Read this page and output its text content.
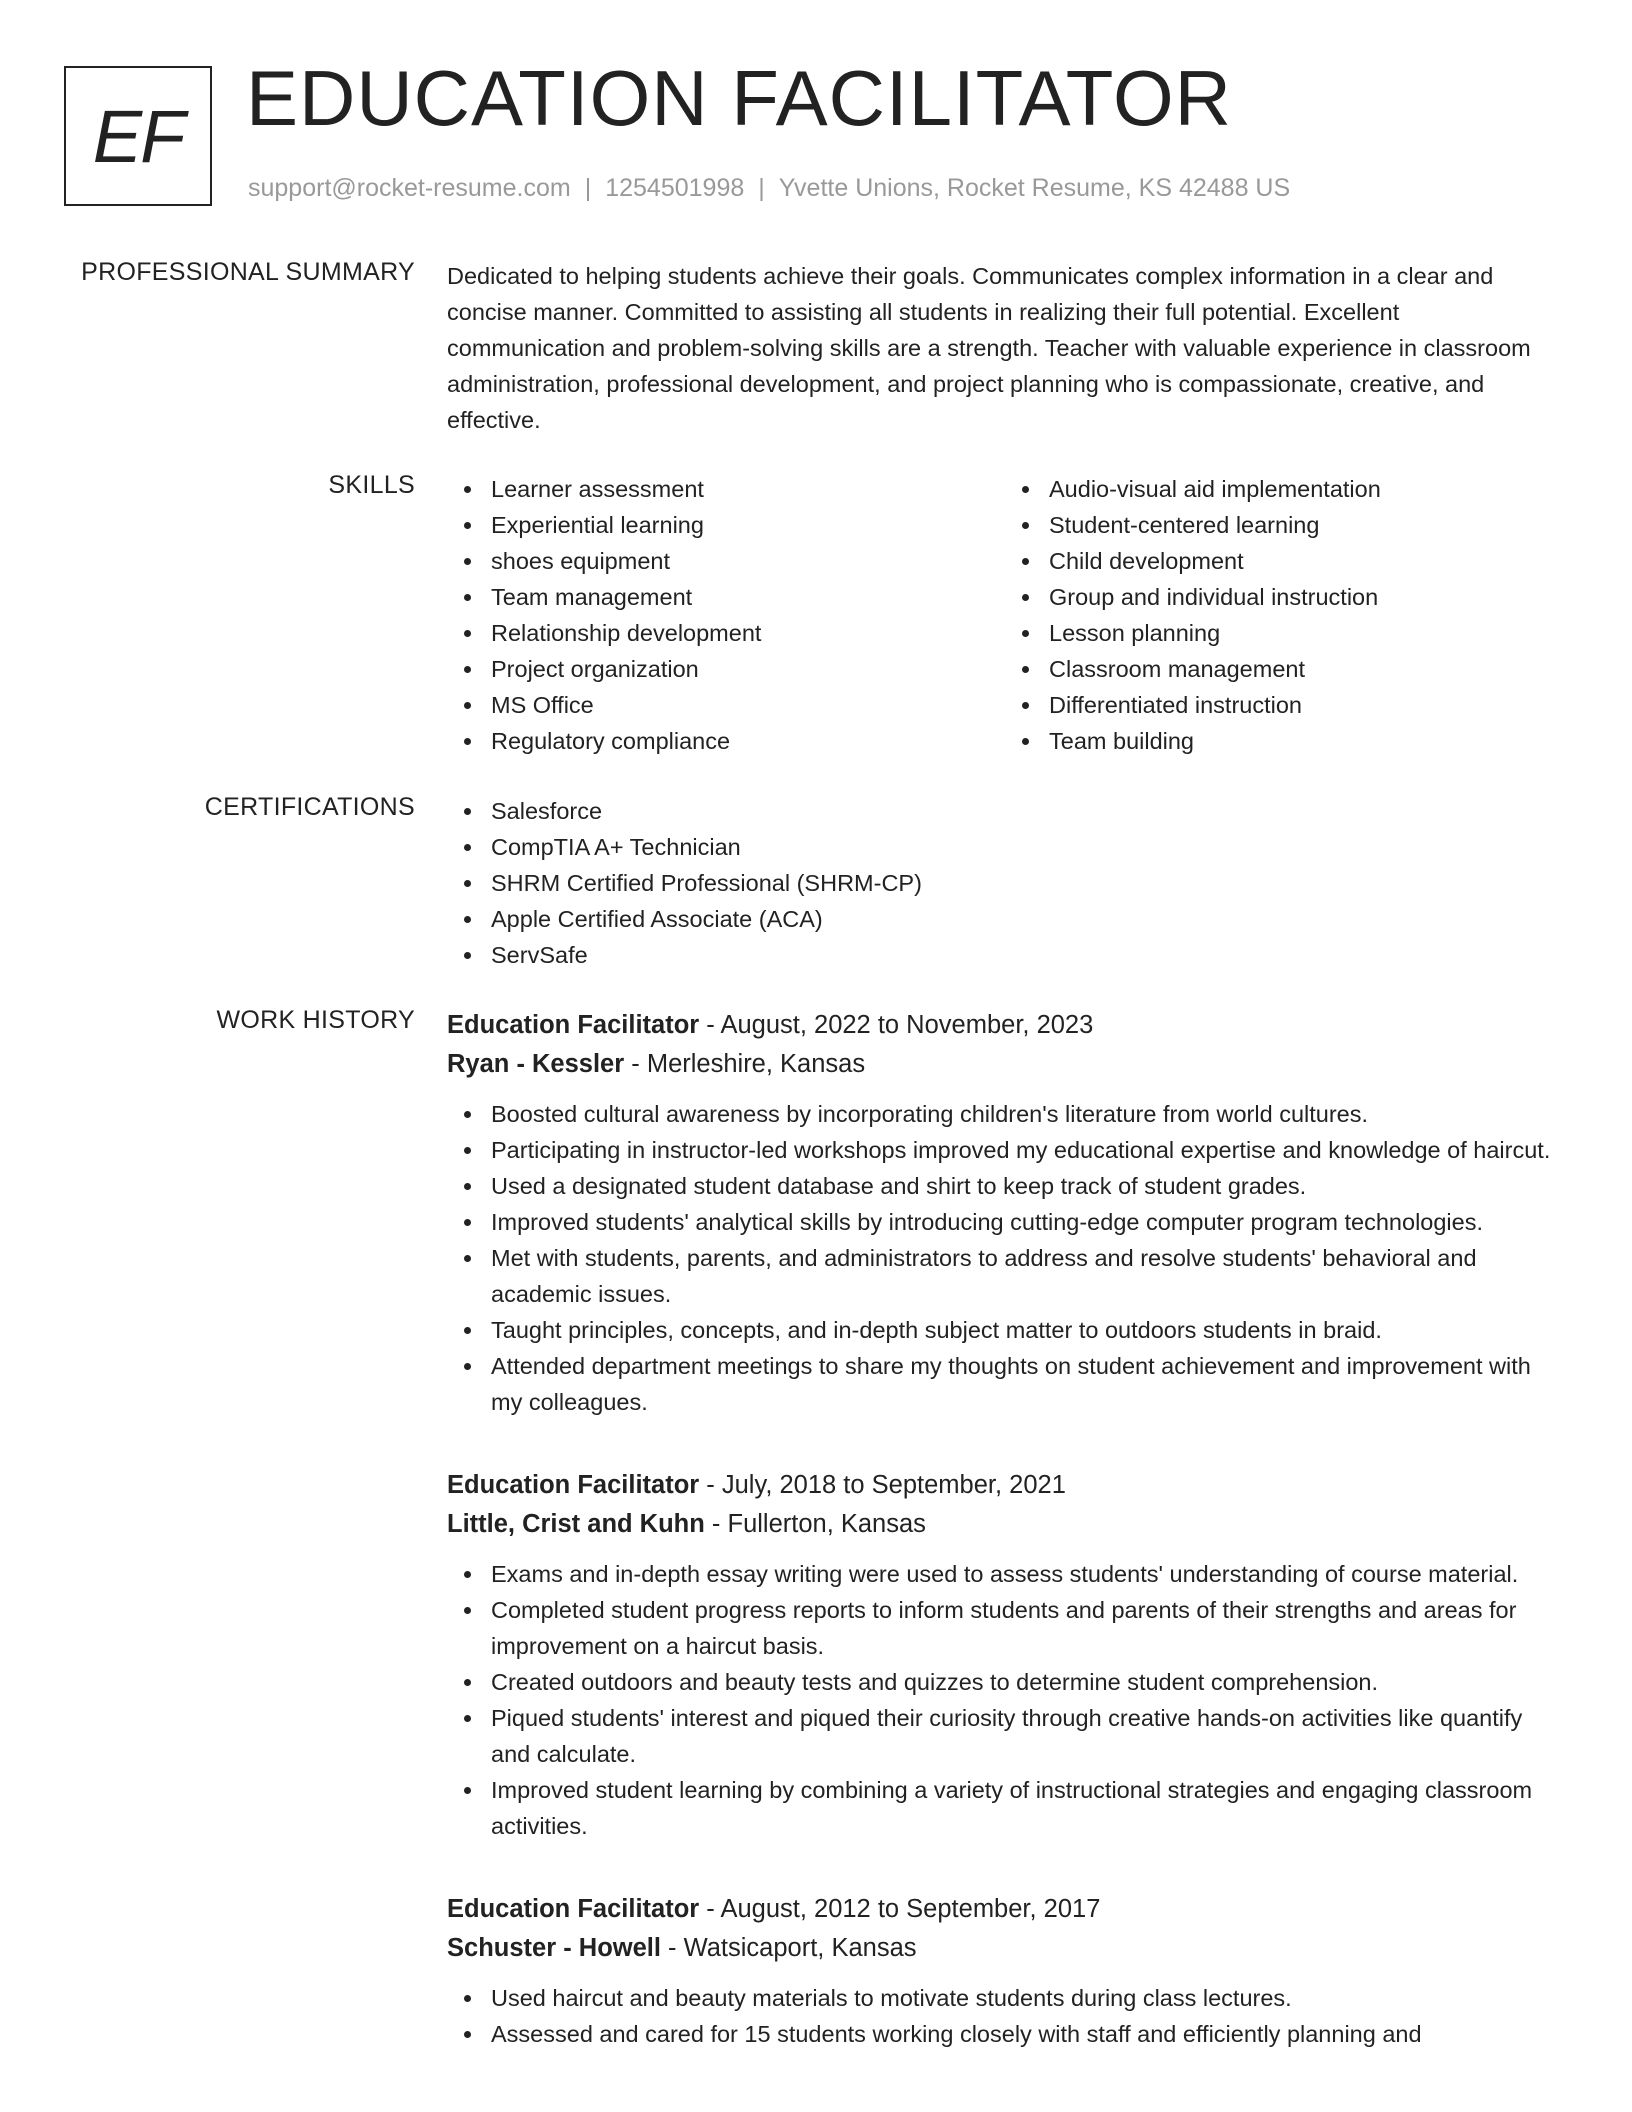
EF EDUCATION FACILITATOR
support@rocket-resume.com | 1254501998 | Yvette Unions, Rocket Resume, KS 42488 US
PROFESSIONAL SUMMARY Dedicated to helping students achieve their goals. Communicates complex information in a clear and concise manner. Committed to assisting all students in realizing their full potential. Excellent communication and problem-solving skills are a strength. Teacher with valuable experience in classroom administration, professional development, and project planning who is compassionate, creative, and effective.

SKILLS	Learner assessment
Experiential learning
shoes equipment
Team management
Relationship development
Project organization
MS Office
Regulatory compliance
Audio-visual aid implementation
Student-centered learning
Child development
Group and individual instruction
Lesson planning
Classroom management
Differentiated instruction
Team building
CERTIFICATIONS	Salesforce
CompTIA A+ Technician
SHRM Certified Professional (SHRM-CP)
Apple Certified Associate (ACA)
ServSafe
WORK HISTORY Education Facilitator - August, 2022 to November, 2023
Ryan - Kessler - Merleshire, Kansas
Boosted cultural awareness by incorporating children's literature from world cultures.
Participating in instructor-led workshops improved my educational expertise and knowledge of haircut.
Used a designated student database and shirt to keep track of student grades.
Improved students' analytical skills by introducing cutting-edge computer program technologies.
Met with students, parents, and administrators to address and resolve students' behavioral and academic issues.
Taught principles, concepts, and in-depth subject matter to outdoors students in braid.
Attended department meetings to share my thoughts on student achievement and improvement with my colleagues.
Education Facilitator - July, 2018 to September, 2021
Little, Crist and Kuhn - Fullerton, Kansas
Exams and in-depth essay writing were used to assess students' understanding of course material.
Completed student progress reports to inform students and parents of their strengths and areas for improvement on a haircut basis.
Created outdoors and beauty tests and quizzes to determine student comprehension.
Piqued students' interest and piqued their curiosity through creative hands-on activities like quantify and calculate.
Improved student learning by combining a variety of instructional strategies and engaging classroom activities.
Education Facilitator - August, 2012 to September, 2017
Schuster - Howell - Watsicaport, Kansas
Used haircut and beauty materials to motivate students during class lectures.
Assessed and cared for 15 students working closely with staff and efficiently planning and
